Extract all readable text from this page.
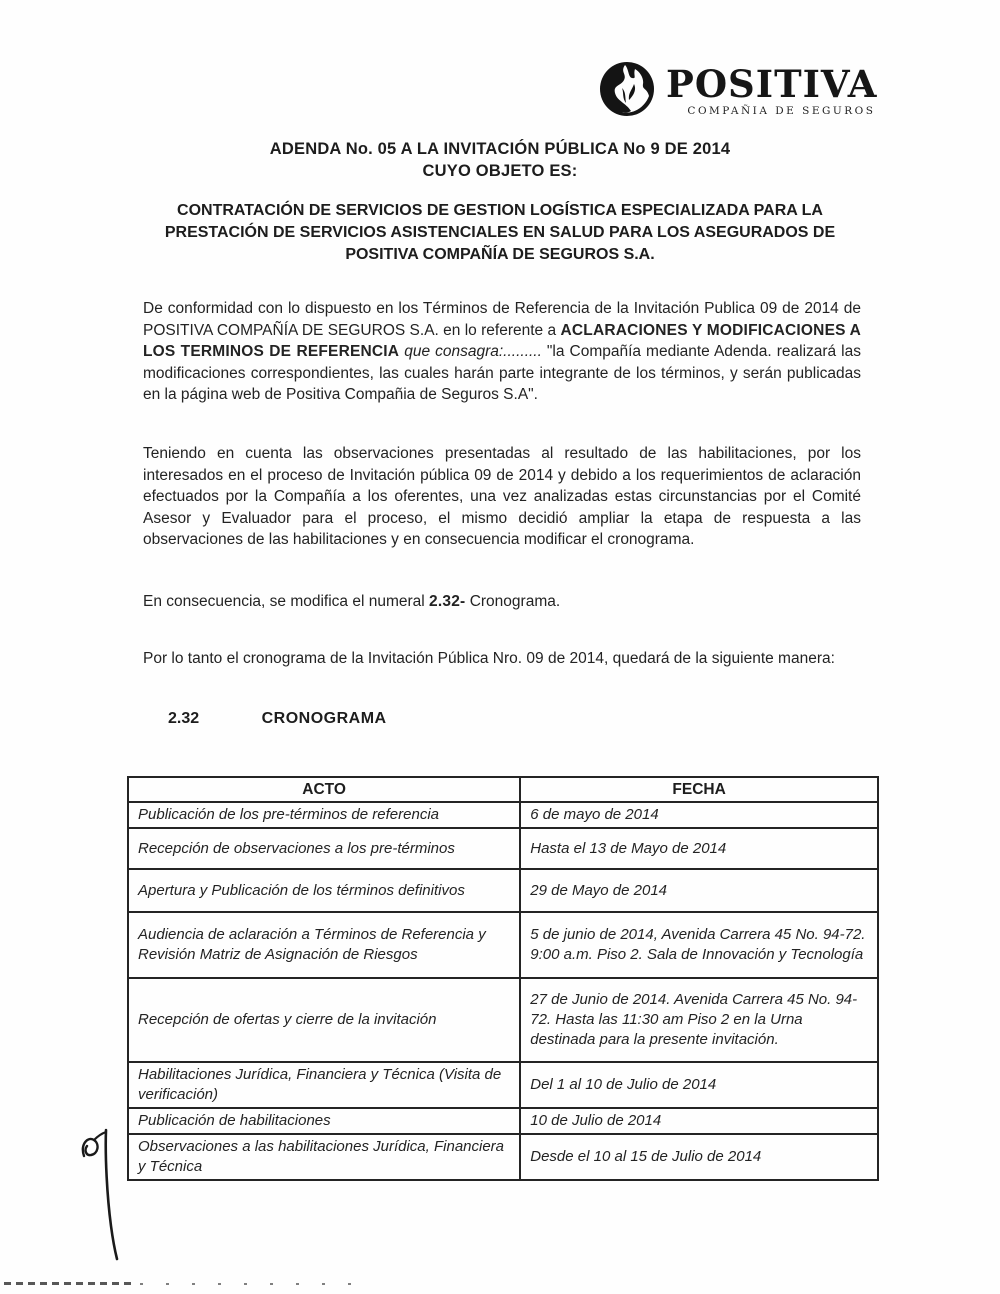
POSITIVA
COMPAÑIA DE SEGUROS
ADENDA No. 05 A LA INVITACIÓN PÚBLICA No 9 DE 2014
CUYO OBJETO ES:
CONTRATACIÓN DE SERVICIOS DE GESTION LOGÍSTICA ESPECIALIZADA PARA LA PRESTACIÓN DE SERVICIOS ASISTENCIALES EN SALUD PARA LOS ASEGURADOS DE POSITIVA COMPAÑÍA DE SEGUROS S.A.

De conformidad con lo dispuesto en los Términos de Referencia de la Invitación Publica 09 de 2014 de POSITIVA COMPAÑÍA DE SEGUROS S.A. en lo referente a ACLARACIONES Y MODIFICACIONES A LOS TERMINOS DE REFERENCIA que consagra:......... "la Compañía mediante Adenda. realizará las modificaciones correspondientes, las cuales harán parte integrante de los términos, y serán publicadas en la página web de Positiva Compañia de Seguros S.A".

Teniendo en cuenta las observaciones presentadas al resultado de las habilitaciones, por los interesados en el proceso de Invitación pública 09 de 2014 y debido a los requerimientos de aclaración efectuados por la Compañía a los oferentes, una vez analizadas estas circunstancias por el Comité Asesor y Evaluador para el proceso, el mismo decidió ampliar la etapa de respuesta a las observaciones de las habilitaciones y en consecuencia modificar el cronograma.

En consecuencia, se modifica el numeral 2.32- Cronograma.

Por lo tanto el cronograma de la Invitación Pública Nro. 09 de 2014, quedará de la siguiente manera:

2.32	CRONOGRAMA
ACTO	FECHA
Publicación de los pre-términos de referencia	6 de mayo de 2014
Recepción de observaciones a los pre-términos	Hasta el 13 de Mayo de 2014
Apertura y Publicación de los términos definitivos	29 de Mayo de 2014
Audiencia de aclaración a Términos de Referencia y Revisión Matriz de Asignación de Riesgos	5 de junio de 2014, Avenida Carrera 45 No. 94-72. 9:00 a.m. Piso 2. Sala de Innovación y Tecnología
Recepción de ofertas y cierre de la invitación	27 de Junio de 2014. Avenida Carrera 45 No. 94-72. Hasta las 11:30 am Piso 2 en la Urna destinada para la presente invitación.
Habilitaciones Jurídica, Financiera y Técnica (Visita de verificación)	Del 1 al 10 de Julio de 2014
Publicación de habilitaciones	10 de Julio de 2014
Observaciones a las habilitaciones Jurídica, Financiera y Técnica	Desde el 10 al 15 de Julio de 2014
